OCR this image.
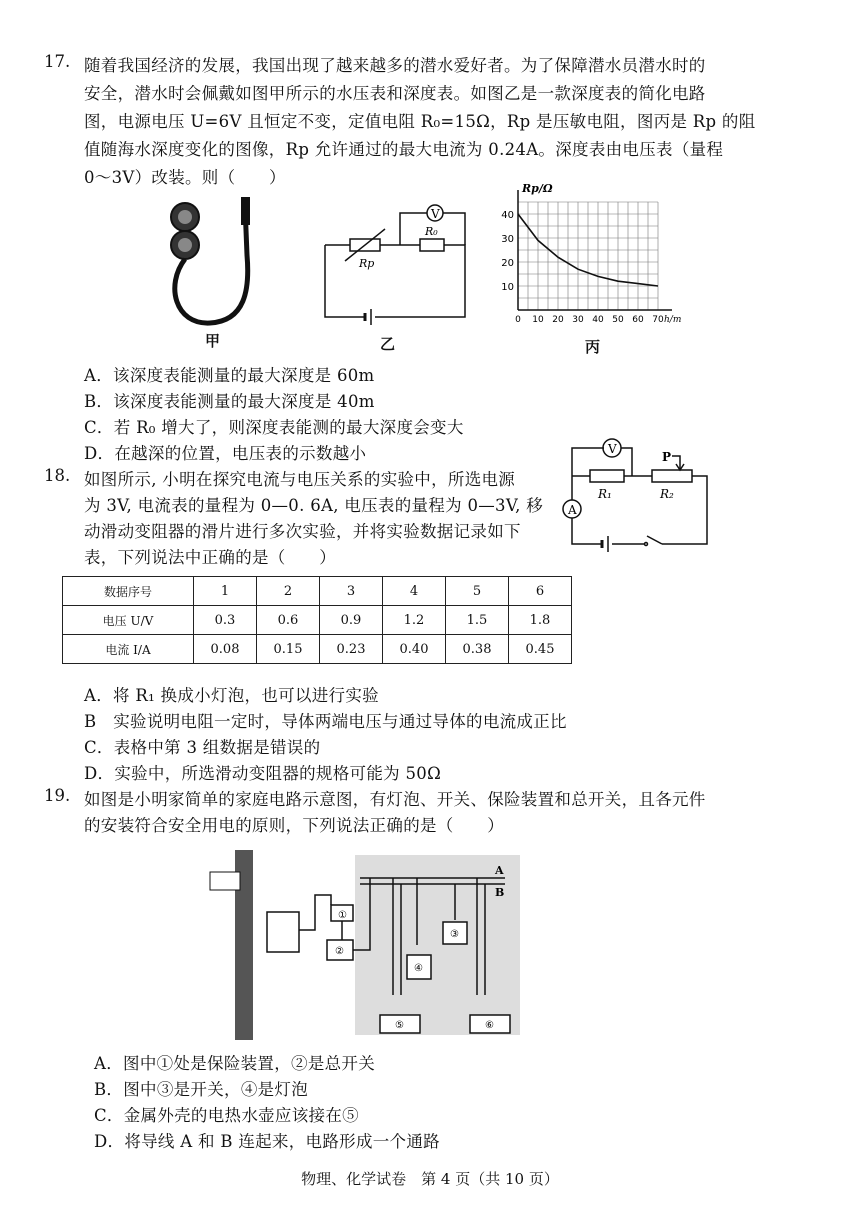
17. 随着我国经济的发展，我国出现了越来越多的潜水爱好者。为了保障潜水员潜水时的
安全，潜水时会佩戴如图甲所示的水压表和深度表。如图乙是一款深度表的简化电路
图，电源电压 U=6V 且恒定不变，定值电阻 R₀=15Ω，Rp 是压敏电阻，图丙是 Rp 的阻
值随海水深度变化的图像，Rp 允许通过的最大电流为 0.24A。深度表由电压表（量程
0～3V）改装。则（　　）
甲
V
R₀
Rp
乙
Rp/Ω
h/m
10
20
30
40
0 10 20 30 40 50 60 70
丙
A．该深度表能测量的最大深度是 60m
B．该深度表能测量的最大深度是 40m
C．若 R₀ 增大了，则深度表能测的最大深度会变大
D．在越深的位置，电压表的示数越小
18. 如图所示, 小明在探究电流与电压关系的实验中，所选电源
为 3V, 电流表的量程为 0—0. 6A, 电压表的量程为 0—3V, 移
动滑动变阻器的滑片进行多次实验，并将实验数据记录如下
表，下列说法中正确的是（　　）
V
A
P
R₁	R₂
数据序号	1	2	3	4	5	6
电压 U/V	0.3	0.6	0.9	1.2	1.5	1.8
电流 I/A	0.08	0.15	0.23	0.40	0.38	0.45
A．将 R₁ 换成小灯泡，也可以进行实验
B　实验说明电阻一定时，导体两端电压与通过导体的电流成正比
C．表格中第 3 组数据是错误的
D．实验中，所选滑动变阻器的规格可能为 50Ω
19. 如图是小明家简单的家庭电路示意图，有灯泡、开关、保险装置和总开关，且各元件
的安装符合安全用电的原则，下列说法正确的是（　　）
①
②
③
④
⑤	⑥
A
B
A．图中①处是保险装置，②是总开关
B．图中③是开关，④是灯泡
C．金属外壳的电热水壶应该接在⑤
D．将导线 A 和 B 连起来，电路形成一个通路
物理、化学试卷　第 4 页（共 10 页）
